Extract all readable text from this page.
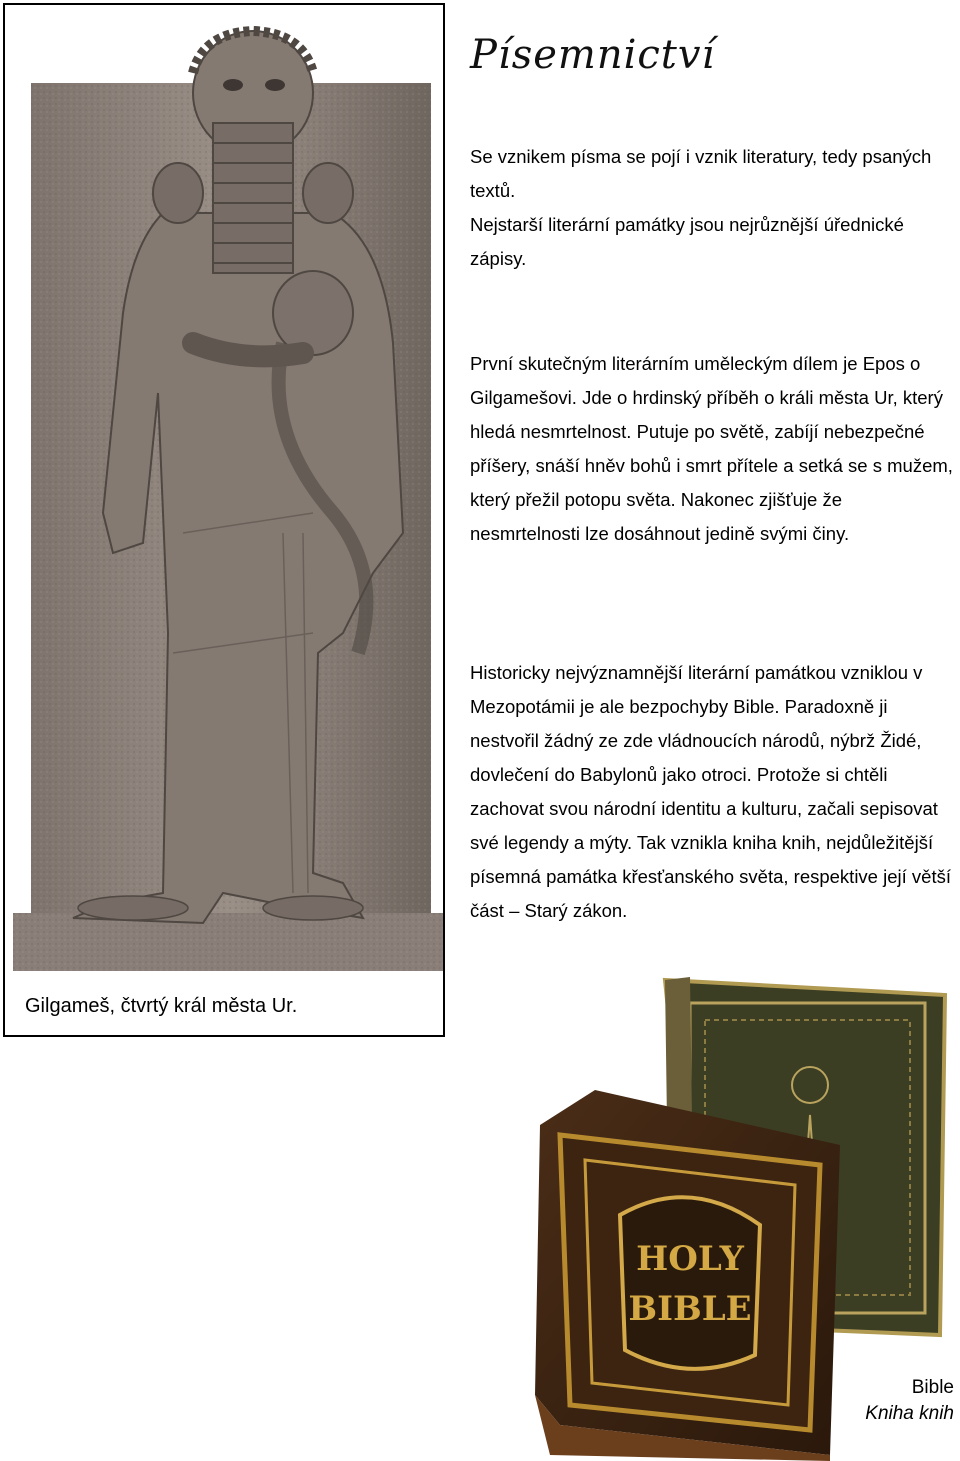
Gilgameš, čtvrtý král města Ur.
Písemnictví
Se vznikem písma se pojí i vznik literatury, tedy psaných textů.
Nejstarší literární památky jsou nejrůznější úřednické zápisy.

První skutečným literárním uměleckým dílem je Epos o Gilgamešovi. Jde o hrdinský příběh o králi města Ur, který hledá nesmrtelnost. Putuje po světě, zabíjí nebezpečné příšery, snáší hněv bohů i smrt přítele a setká se s mužem, který přežil potopu světa. Nakonec zjišťuje že nesmrtelnosti lze dosáhnout jedině svými činy.

Historicky nejvýznamnější literární památkou vzniklou v Mezopotámii je ale bezpochyby Bible. Paradoxně ji nestvořil žádný ze zde vládnoucích národů, nýbrž Židé, dovlečení do Babylonů jako otroci. Protože si chtěli zachovat svou národní identitu a kulturu, začali sepisovat své legendy a mýty. Tak vznikla kniha knih, nejdůležitější písemná památka křesťanského světa, respektive její větší část – Starý zákon.

HOLY
BIBLE
Bible
Kniha knih
